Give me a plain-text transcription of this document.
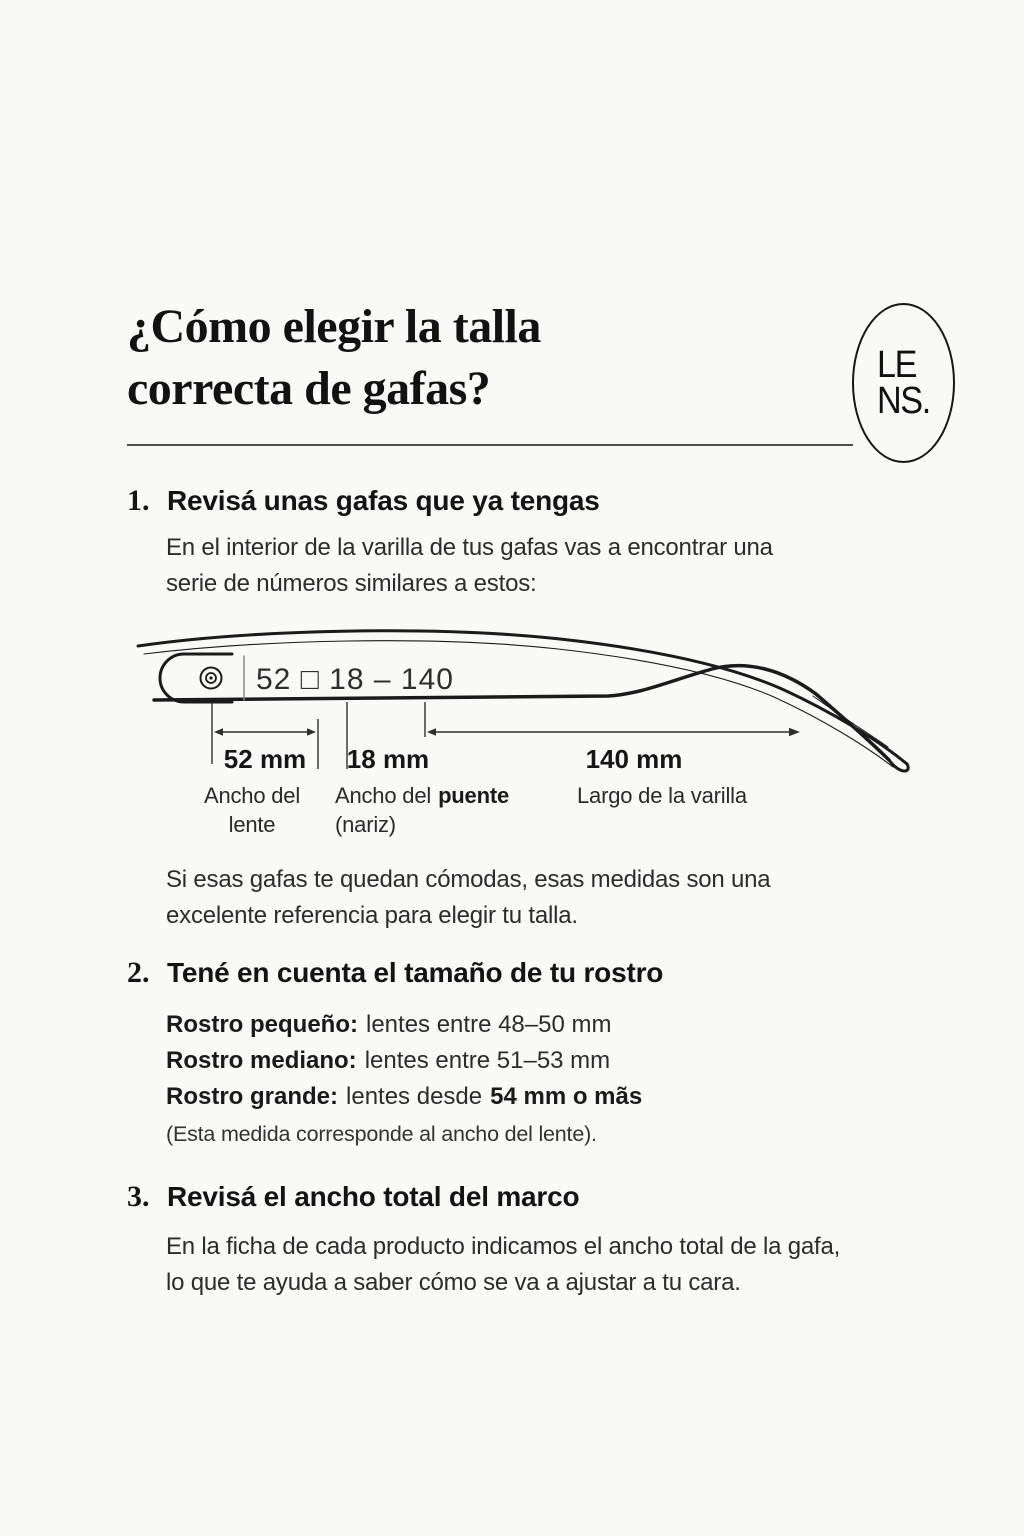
¿Cómo elegir la talla
correcta de gafas?	LE
NS.
1. Revisá unas gafas que ya tengas
En el interior de la varilla de tus gafas vas a encontrar una
serie de números similares a estos:
52 □ 18 – 140
52 mm 18 mm	140 mm
Ancho del
lente
Ancho del puente
(nariz)
Largo de la varilla
Si esas gafas te quedan cómodas, esas medidas son una
excelente referencia para elegir tu talla.
2. Tené en cuenta el tamaño de tu rostro
Rostro pequeño: lentes entre 48–50 mm
Rostro mediano: lentes entre 51–53 mm
Rostro grande: lentes desde 54 mm o mãs
(Esta medida corresponde al ancho del lente).
3. Revisá el ancho total del marco
En la ficha de cada producto indicamos el ancho total de la gafa,
lo que te ayuda a saber cómo se va a ajustar a tu cara.
